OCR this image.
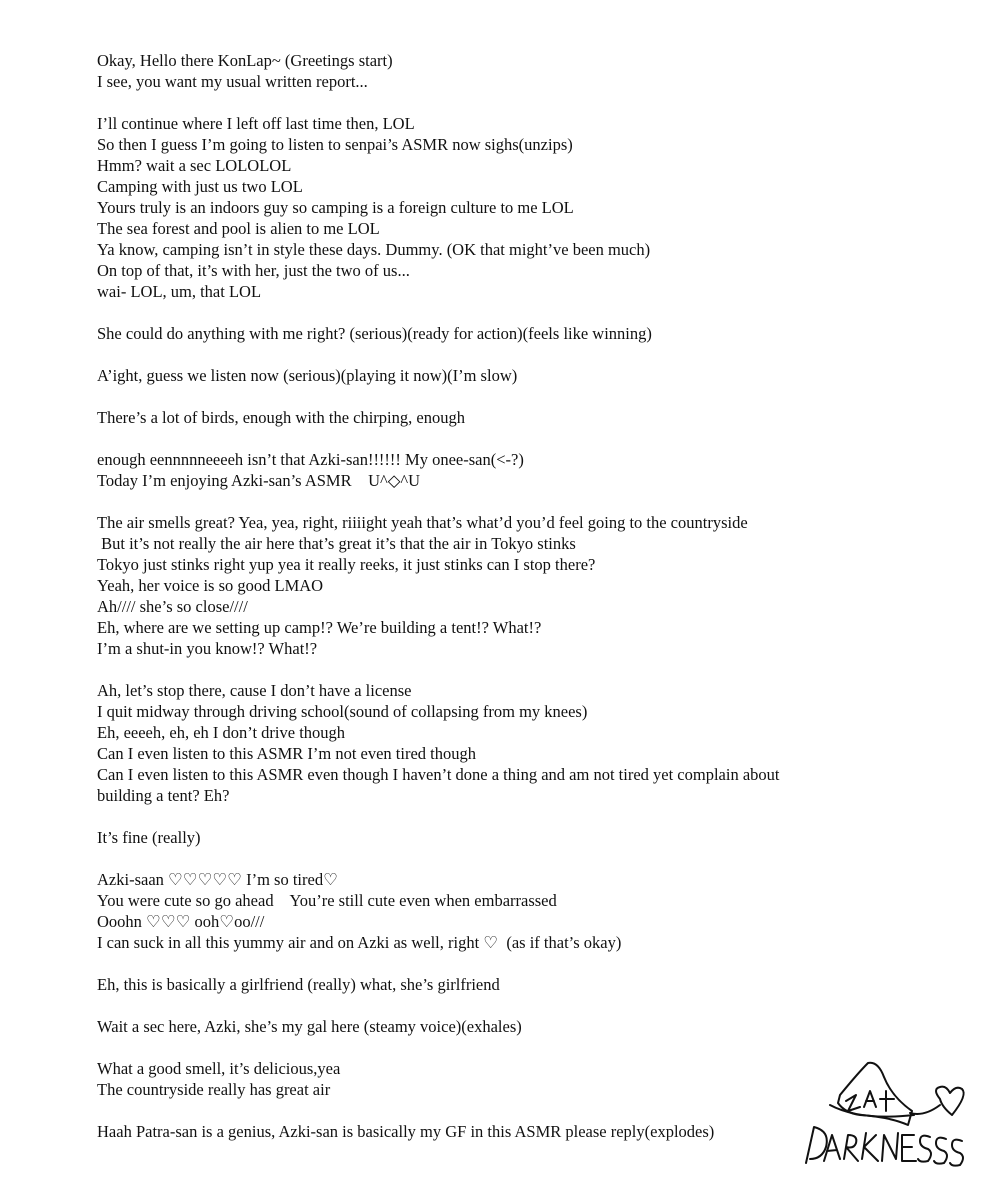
Okay, Hello there KonLap~ (Greetings start)
I see, you want my usual written report...
I’ll continue where I left off last time then, LOL
So then I guess I’m going to listen to senpai’s ASMR now sighs(unzips)
Hmm? wait a sec LOLOLOL
Camping with just us two LOL
Yours truly is an indoors guy so camping is a foreign culture to me LOL
The sea forest and pool is alien to me LOL
Ya know, camping isn’t in style these days. Dummy. (OK that might’ve been much)
On top of that, it’s with her, just the two of us...
wai- LOL, um, that LOL
She could do anything with me right? (serious)(ready for action)(feels like winning)
A’ight, guess we listen now (serious)(playing it now)(I’m slow)
There’s a lot of birds, enough with the chirping, enough
enough eennnnneeeeh isn’t that Azki-san!!!!!! My onee-san(<-?)
Today I’m enjoying Azki-san’s ASMR    U^◇^U
The air smells great? Yea, yea, right, riiiight yeah that’s what’d you’d feel going to the countryside
But it’s not really the air here that’s great it’s that the air in Tokyo stinks
Tokyo just stinks right yup yea it really reeks, it just stinks can I stop there?
Yeah, her voice is so good LMAO
Ah//// she’s so close////
Eh, where are we setting up camp!? We’re building a tent!? What!?
I’m a shut-in you know!? What!?
Ah, let’s stop there, cause I don’t have a license
I quit midway through driving school(sound of collapsing from my knees)
Eh, eeeeh, eh, eh I don’t drive though
Can I even listen to this ASMR I’m not even tired though
Can I even listen to this ASMR even though I haven’t done a thing and am not tired yet complain about
building a tent? Eh?
It’s fine (really)
Azki-saan ♡♡♡♡♡ I’m so tired♡
You were cute so go ahead    You’re still cute even when embarrassed
Ooohn ♡♡♡ ooh♡oo///
I can suck in all this yummy air and on Azki as well, right ♡  (as if that’s okay)
Eh, this is basically a girlfriend (really) what, she’s girlfriend
Wait a sec here, Azki, she’s my gal here (steamy voice)(exhales)
What a good smell, it’s delicious,yea
The countryside really has great air
Haah Patra-san is a genius, Azki-san is basically my GF in this ASMR please reply(explodes)
